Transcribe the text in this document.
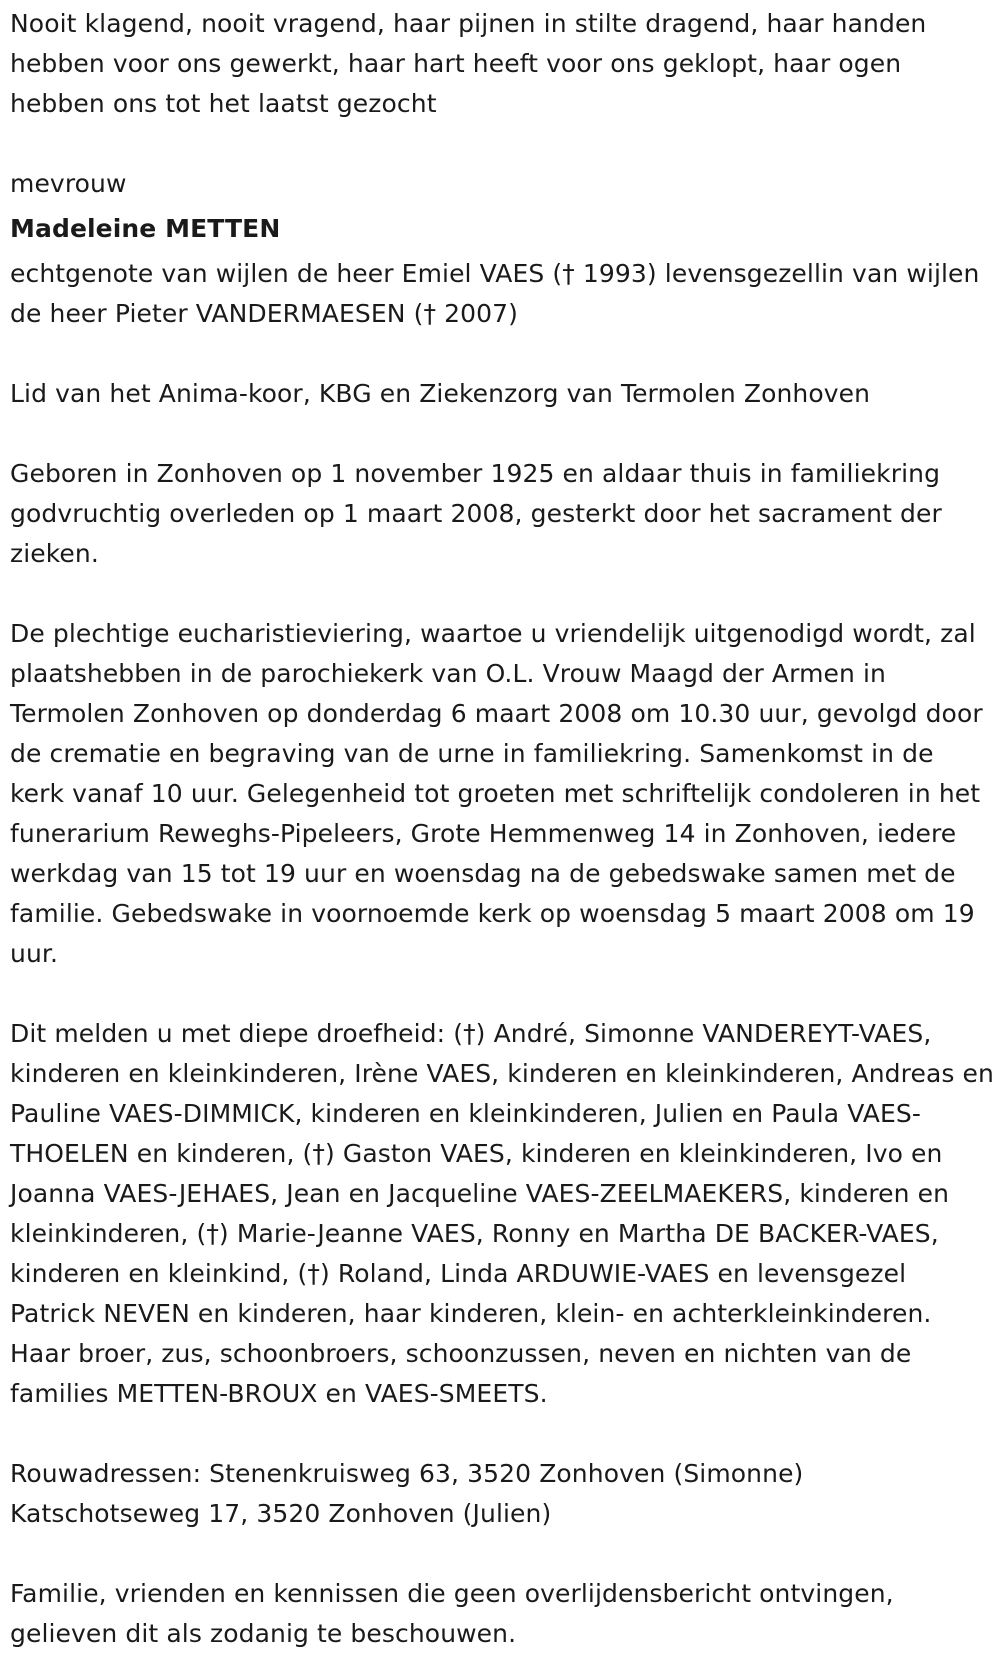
Nooit klagend, nooit vragend, haar pijnen in stilte dragend, haar handen hebben voor ons gewerkt, haar hart heeft voor ons geklopt, haar ogen hebben ons tot het laatst gezocht

mevrouw

Madeleine METTEN

echtgenote van wijlen de heer Emiel VAES († 1993) levensgezellin van wijlen de heer Pieter VANDERMAESEN († 2007)

Lid van het Anima-koor, KBG en Ziekenzorg van Termolen Zonhoven

Geboren in Zonhoven op 1 november 1925 en aldaar thuis in familiekring godvruchtig overleden op 1 maart 2008, gesterkt door het sacrament der zieken.

De plechtige eucharistieviering, waartoe u vriendelijk uitgenodigd wordt, zal plaatshebben in de parochiekerk van O.L. Vrouw Maagd der Armen in Termolen Zonhoven op donderdag 6 maart 2008 om 10.30 uur, gevolgd door de crematie en begraving van de urne in familiekring. Samenkomst in de kerk vanaf 10 uur. Gelegenheid tot groeten met schriftelijk condoleren in het funerarium Reweghs-Pipeleers, Grote Hemmenweg 14 in Zonhoven, iedere werkdag van 15 tot 19 uur en woensdag na de gebedswake samen met de familie. Gebedswake in voornoemde kerk op woensdag 5 maart 2008 om 19 uur.

Dit melden u met diepe droefheid: (†) André, Simonne VANDEREYT-VAES, kinderen en kleinkinderen, Irène VAES, kinderen en kleinkinderen, Andreas en Pauline VAES-DIMMICK, kinderen en kleinkinderen, Julien en Paula VAES-THOELEN en kinderen, (†) Gaston VAES, kinderen en kleinkinderen, Ivo en Joanna VAES-JEHAES, Jean en Jacqueline VAES-ZEELMAEKERS, kinderen en kleinkinderen, (†) Marie-Jeanne VAES, Ronny en Martha DE BACKER-VAES, kinderen en kleinkind, (†) Roland, Linda ARDUWIE-VAES en levensgezel Patrick NEVEN en kinderen, haar kinderen, klein- en achterkleinkinderen. Haar broer, zus, schoonbroers, schoonzussen, neven en nichten van de families METTEN-BROUX en VAES-SMEETS.

Rouwadressen: Stenenkruisweg 63, 3520 Zonhoven (Simonne)

Katschotseweg 17, 3520 Zonhoven (Julien)

Familie, vrienden en kennissen die geen overlijdensbericht ontvingen, gelieven dit als zodanig te beschouwen.
